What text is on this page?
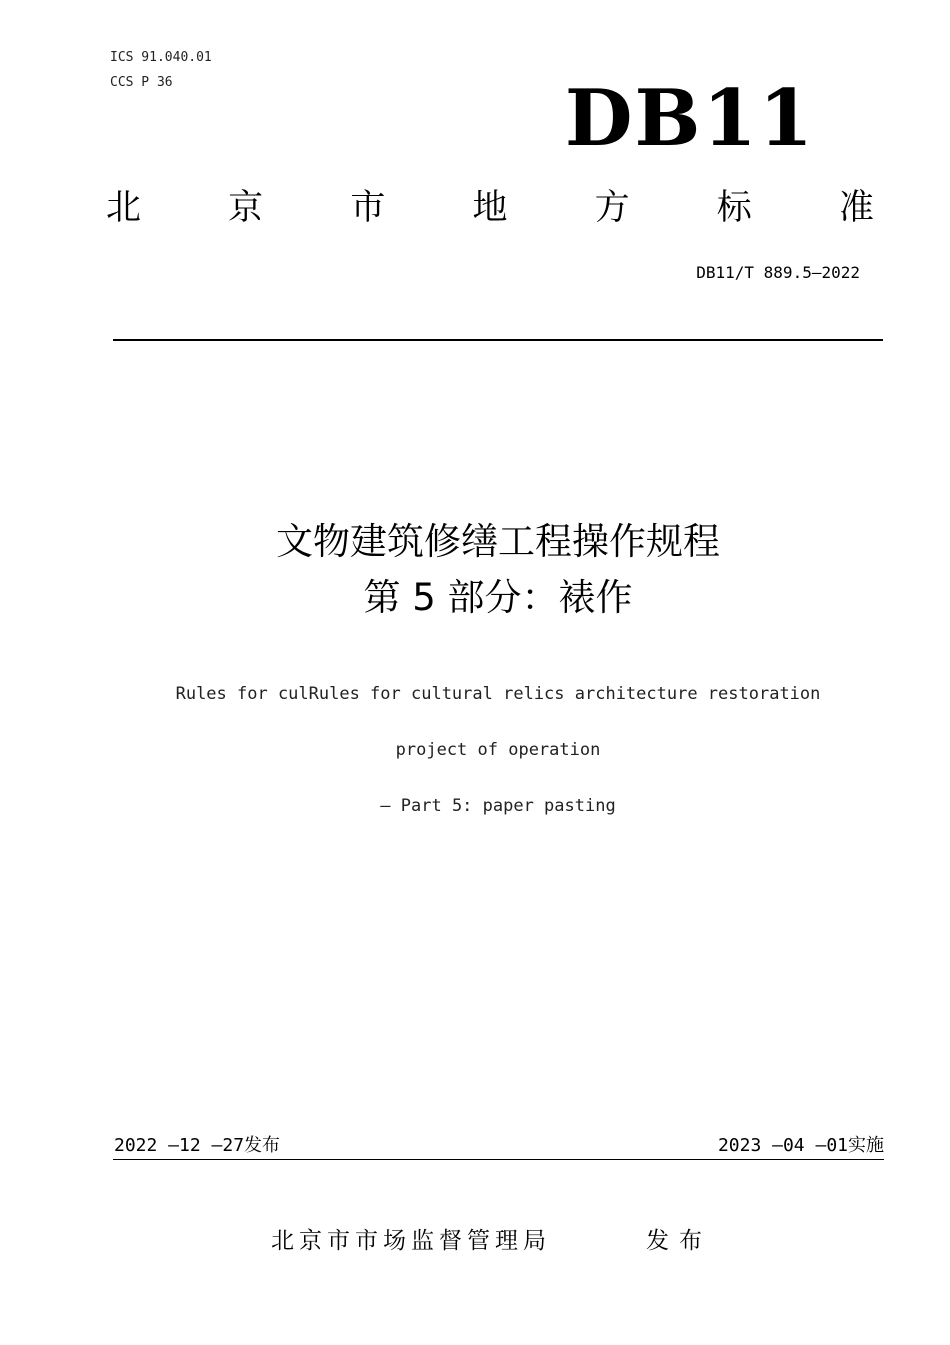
ICS 91.040.01
CCS P 36	DB11
北 京 市 地 方 标 准
DB11/T 889.5—2022
文物建筑修缮工程操作规程
第 5 部分：裱作
Rules for culRules for cultural relics architecture restoration
project of operation
— Part 5: paper pasting
2022 —12 —27发布	2023 —04 —01实施
北京市市场监督管理局	发布
